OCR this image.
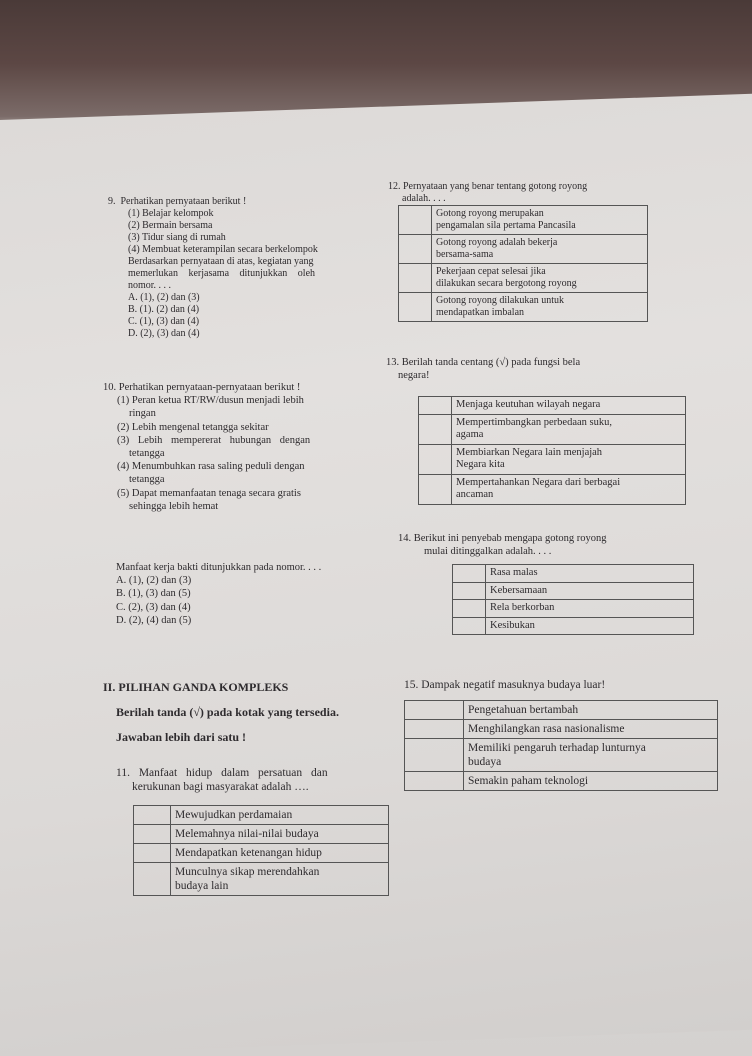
9. Perhatikan pernyataan berikut !
(1) Belajar kelompok
(2) Bermain bersama
(3) Tidur siang di rumah
(4) Membuat keterampilan secara berkelompok
Berdasarkan pernyataan di atas, kegiatan yang
memerlukan kerjasama ditunjukkan oleh
nomor. . . .
A. (1), (2) dan (3)
B. (1). (2) dan (4)
C. (1), (3) dan (4)
D. (2), (3) dan (4)
12. Pernyataan yang benar tentang gotong royong
adalah. . . .

	Gotong royong merupakan
pengamalan sila pertama Pancasila

	Gotong royong adalah bekerja
bersama-sama

	Pekerjaan cepat selesai jika
dilakukan secara bergotong royong

	Gotong royong dilakukan untuk
mendapatkan imbalan
13. Berilah tanda centang (√) pada fungsi bela
negara!

	Menjaga keutuhan wilayah negara

	Mempertimbangkan perbedaan suku,
agama

	Membiarkan Negara lain menjajah
Negara kita

	Mempertahankan Negara dari berbagai
ancaman
10. Perhatikan pernyataan-pernyataan berikut !
(1) Peran ketua RT/RW/dusun menjadi lebih
ringan
(2) Lebih mengenal tetangga sekitar
(3) Lebih mempererat hubungan dengan
tetangga
(4) Menumbuhkan rasa saling peduli dengan
tetangga
(5) Dapat memanfaatan tenaga secara gratis
sehingga lebih hemat
Manfaat kerja bakti ditunjukkan pada nomor. . . .
A. (1), (2) dan (3)
B. (1), (3) dan (5)
C. (2), (3) dan (4)
D. (2), (4) dan (5)
14. Berikut ini penyebab mengapa gotong royong
mulai ditinggalkan adalah. . . .

	Rasa malas

	Kebersamaan

	Rela berkorban

	Kesibukan
II. PILIHAN GANDA KOMPLEKS
Berilah tanda (√) pada kotak yang tersedia.
Jawaban lebih dari satu !
11. Manfaat hidup dalam persatuan dan
kerukunan bagi masyarakat adalah ….

	Mewujudkan perdamaian

	Melemahnya nilai-nilai budaya

	Mendapatkan ketenangan hidup

	Munculnya sikap merendahkan
budaya lain
15. Dampak negatif masuknya budaya luar!

	Pengetahuan bertambah

	Menghilangkan rasa nasionalisme

	Memiliki pengaruh terhadap lunturnya
budaya

	Semakin paham teknologi
